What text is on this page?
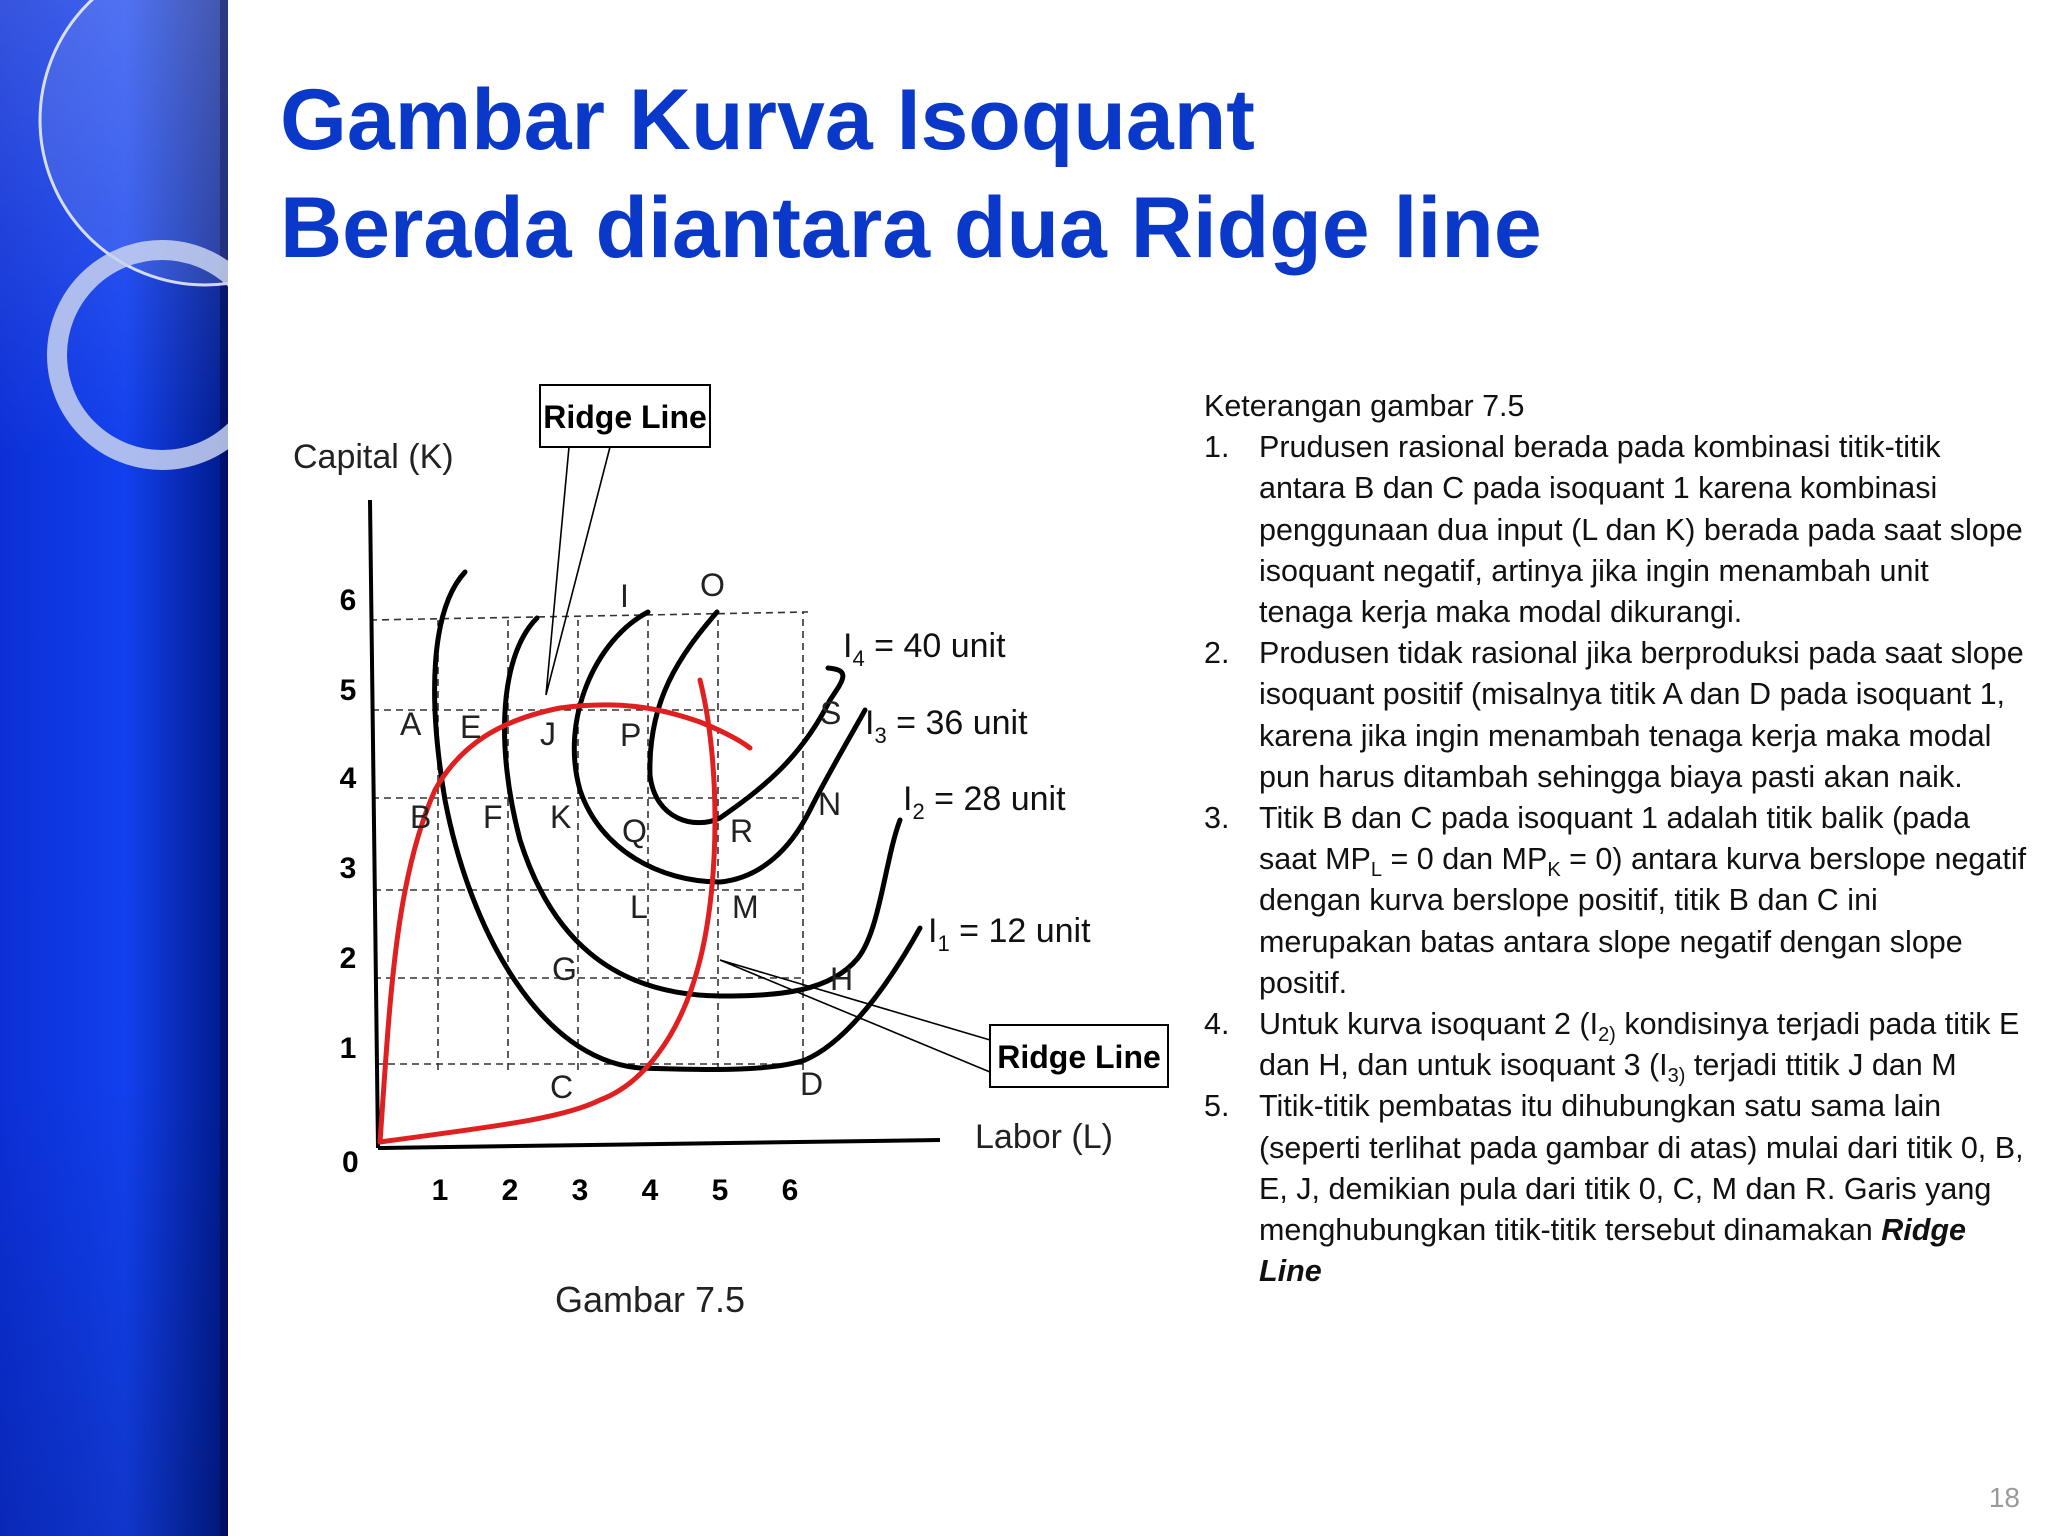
Gambar Kurva Isoquant
Berada diantara dua Ridge line
Ridge Line
Ridge Line
Capital (K)
Labor (L)
Gambar 7.5
0
1
2
3
4
5
6
1 2 3 4 5 6
$I_4 = 40$ unit
$I_3 = 36$ unit
$I_2 = 28$ unit
$I_1 = 12$ unit
A E J P
B F K Q	R
N
S
L	M
G	H
C	D
I O

Keterangan gambar 7.5

1. Prudusen rasional berada pada kombinasi titik-titik antara B dan C pada isoquant 1 karena kombinasi penggunaan dua input (L dan K) berada pada saat slope isoquant negatif, artinya jika ingin menambah unit tenaga kerja maka modal dikurangi.
2. Produsen tidak rasional jika berproduksi pada saat slope isoquant positif (misalnya titik A dan D pada isoquant 1, karena jika ingin menambah tenaga kerja maka modal pun harus ditambah sehingga biaya pasti akan naik.
3. Titik B dan C pada isoquant 1 adalah titik balik (pada saat $MP_L = 0$ dan $MP_K = 0$) antara kurva berslope negatif dengan kurva berslope positif, titik B dan C ini merupakan batas antara slope negatif dengan slope positif.
4. Untuk kurva isoquant 2 ($I_{2)}$ kondisinya terjadi pada titik E dan H, dan untuk isoquant 3 ($I_{3)}$ terjadi ttitik J dan M
5. Titik-titik pembatas itu dihubungkan satu sama lain (seperti terlihat pada gambar di atas) mulai dari titik 0, B, E, J, demikian pula dari titik 0, C, M dan R. Garis yang menghubungkan titik-titik tersebut dinamakan Ridge Line
18
